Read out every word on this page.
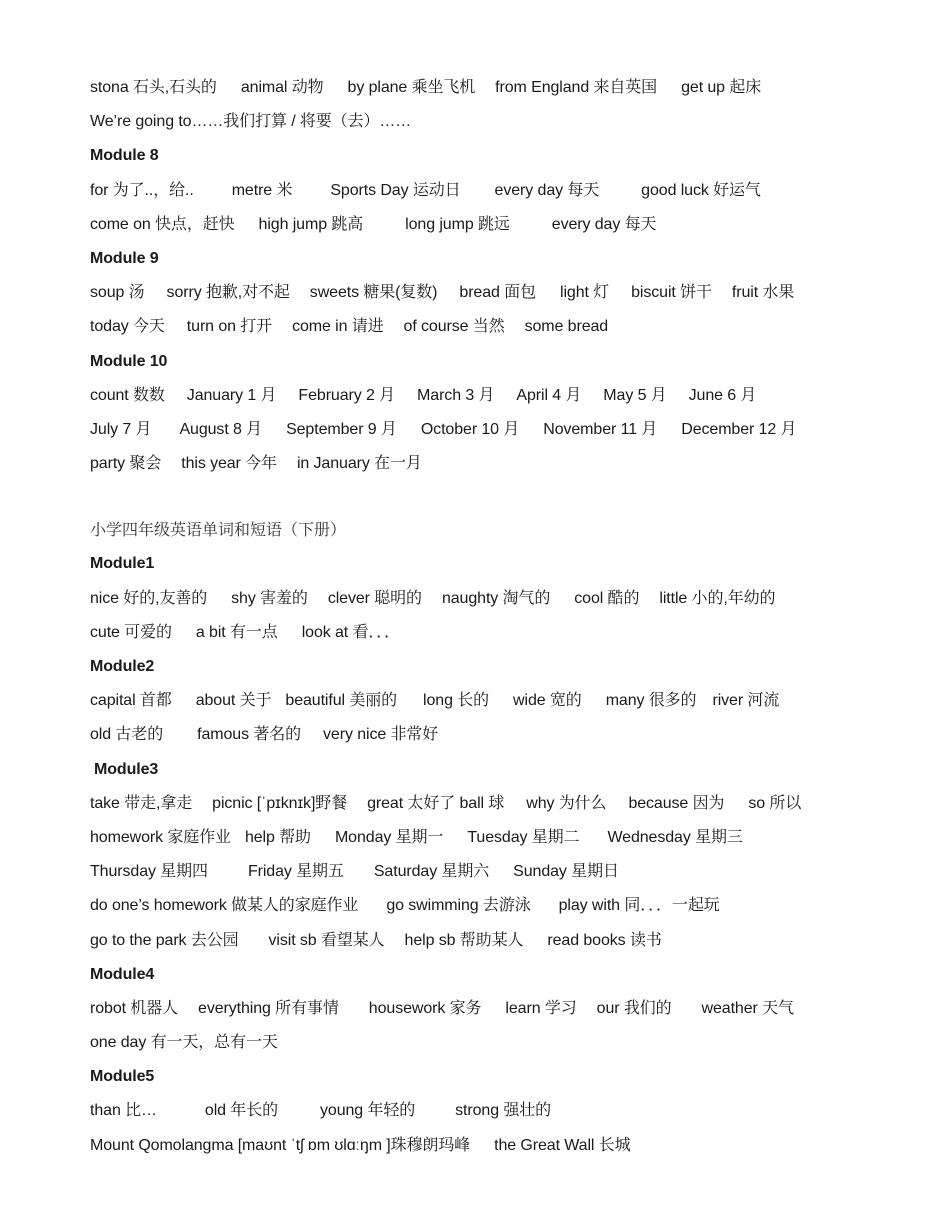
stona 石头,石头的 animal 动物 by plane 乘坐飞机 from England 来自英国 get up 起床
We’re going to……我们打算 / 将要（去）……
Module 8
for 为了..，给.. metre 米 Sports Day 运动日 every day 每天	good luck 好运气
come on 快点，赶快 high jump 跳高	long jump 跳远	every day 每天
Module 9
soup 汤 sorry 抱歉,对不起 sweets 糖果(复数) bread 面包 light 灯 biscuit 饼干 fruit 水果
today 今天 turn on 打开 come in 请进 of course 当然 some bread
Module 10
count 数数 January 1 月 February 2 月 March 3 月 April 4 月 May 5 月 June 6 月
July 7 月 August 8 月 September 9 月 October 10 月 November 11 月 December 12 月
party 聚会 this year 今年 in January 在一月
小学四年级英语单词和短语（下册）
Module1
nice 好的,友善的 shy 害羞的 clever 聪明的 naughty 淘气的 cool 酷的 little 小的,年幼的
cute 可爱的 a bit 有一点 look at 看．．．
Module2
capital 首都 about 关于 beautiful 美丽的 long 长的 wide 宽的 many 很多的 river 河流
old 古老的 famous 著名的 very nice 非常好
Module3
take 带走,拿走 picnic [ˈpɪknɪk]野餐 great 太好了 ball 球 why 为什么 because 因为 so 所以
homework 家庭作业 help 帮助 Monday 星期一 Tuesday 星期二 Wednesday 星期三
Thursday 星期四	Friday 星期五 Saturday 星期六 Sunday 星期日
do one’s homework 做某人的家庭作业 go swimming 去游泳 play with 同．．．一起玩
go to the park 去公园 visit sb 看望某人 help sb 帮助某人 read books 读书
Module4
robot 机器人 everything 所有事情 housework 家务 learn 学习 our 我们的 weather 天气
one day 有一天，总有一天
Module5
than 比…	old 年长的	young 年轻的	strong 强壮的
Mount Qomolangma [maʊnt ˈtʃ ɒm ʊlɑːŋm ]珠穆朗玛峰 the Great Wall 长城
